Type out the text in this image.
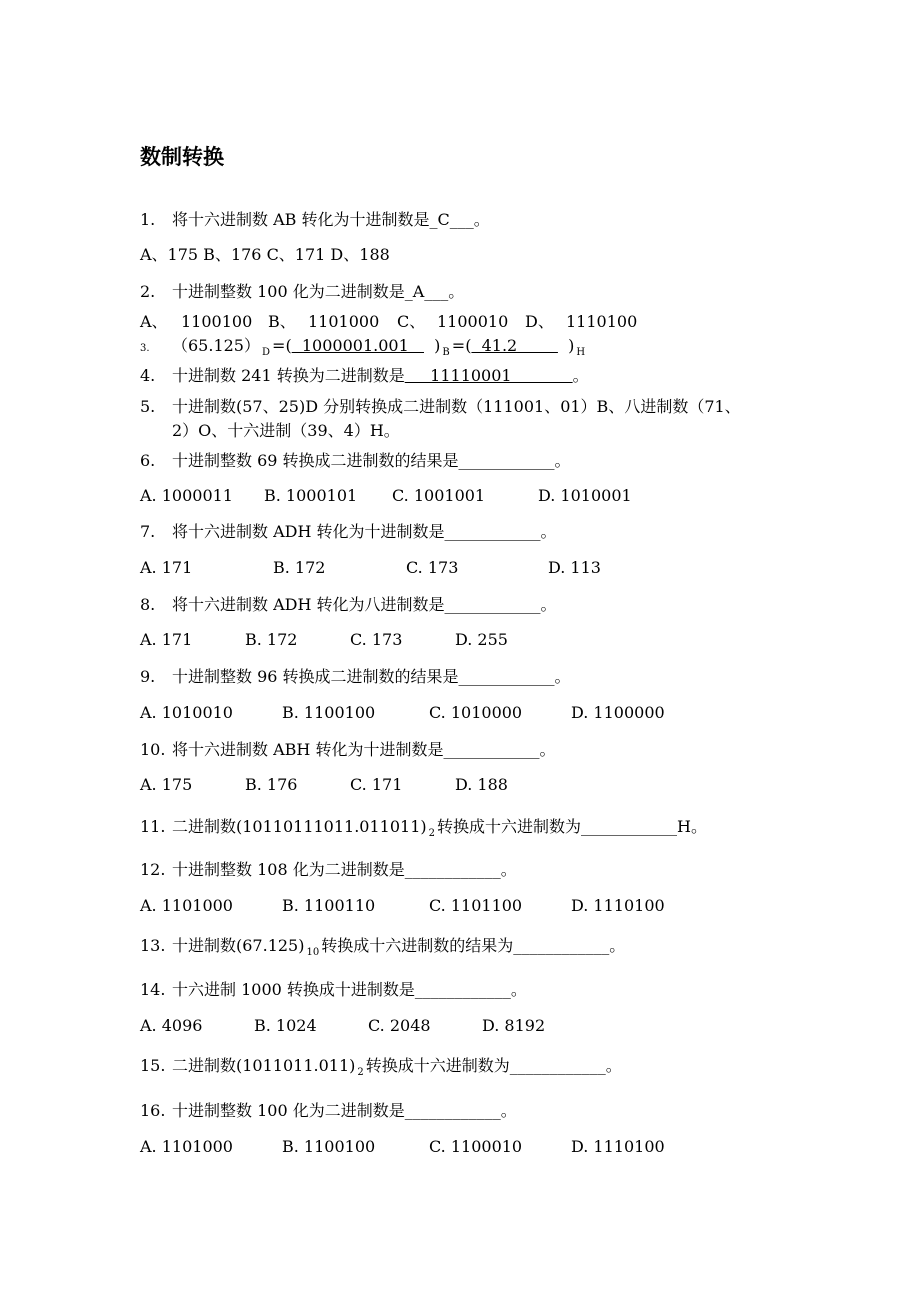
数制转换
1. 将十六进制数 AB 转化为十进制数是_C___。
A、175 B、176 C、171 D、188
2. 十进制整数 100 化为二进制数是_A___。
A、 1100100 B、 1101000 C、 1100010 D、 1110100
3. （65.125） $_D$ =(  1000001.001     ) $_B$ =(  41.2          ) $_H$
4. 十进制数 241 转换为二进制数是     11110001            。
5. 十进制数(57、25)D 分别转换成二进制数（111001、01）B、八进制数（71、
2）O、十六进制（39、4）H。
6. 十进制整数 69 转换成二进制数的结果是____________。
A. 1000011 B. 1000101 C. 1001001	D. 1010001
7. 将十六进制数 ADH 转化为十进制数是____________。
A. 171	B. 172	C. 173	D. 113
8. 将十六进制数 ADH 转化为八进制数是____________。
A. 171	B. 172	C. 173	D. 255
9. 十进制整数 96 转换成二进制数的结果是____________。
A. 1010010	B. 1100100	C. 1010000	D. 1100000
10. 将十六进制数 ABH 转化为十进制数是____________。
A. 175	B. 176	C. 171	D. 188
11. 二进制数(10110111011.011011) $_2$ 转换成十六进制数为____________H。
12. 十进制整数 108 化为二进制数是____________。
A. 1101000	B. 1100110	C. 1101100	D. 1110100
13. 十进制数(67.125) $_{10}$ 转换成十六进制数的结果为____________。
14. 十六进制 1000 转换成十进制数是____________。
A. 4096	B. 1024	C. 2048	D. 8192
15. 二进制数(1011011.011) $_2$ 转换成十六进制数为____________。
16. 十进制整数 100 化为二进制数是____________。
A. 1101000	B. 1100100	C. 1100010	D. 1110100
